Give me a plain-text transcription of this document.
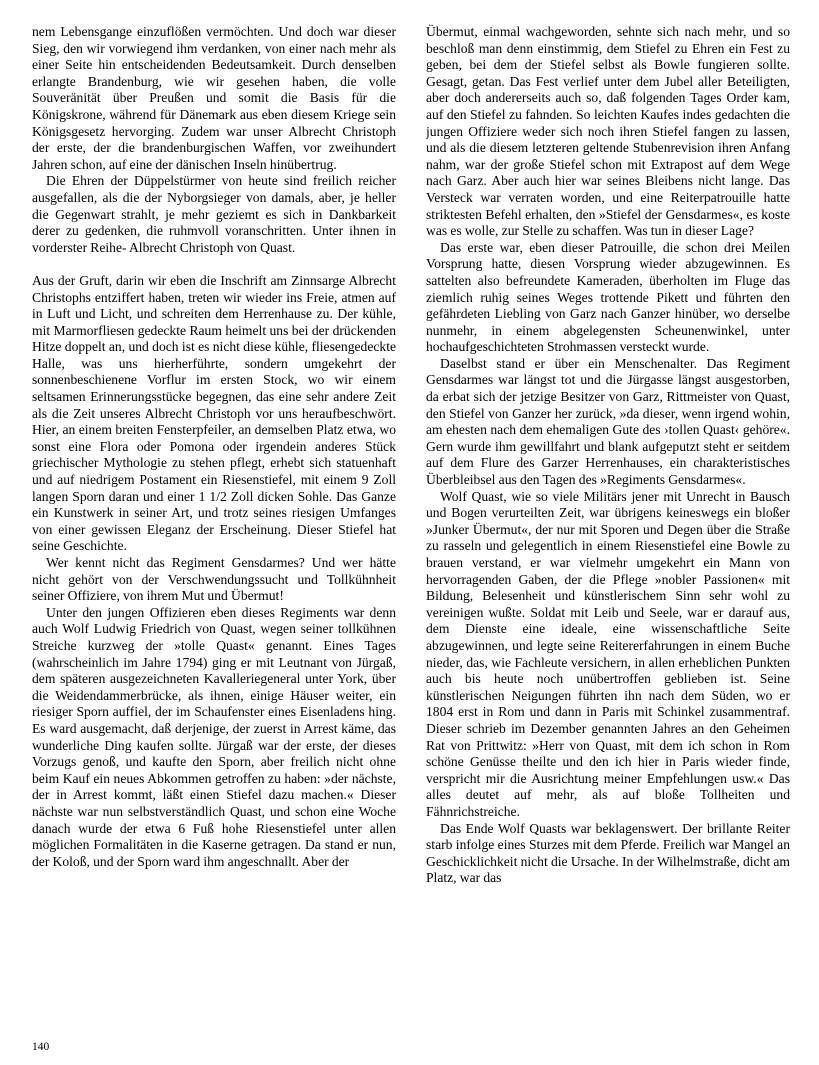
nem Lebensgange einzuflößen vermöchten. Und doch war dieser Sieg, den wir vorwiegend ihm verdanken, von einer nach mehr als einer Seite hin entscheidenden Bedeutsamkeit. Durch denselben erlangte Brandenburg, wie wir gesehen haben, die volle Souveränität über Preußen und somit die Basis für die Königskrone, während für Dänemark aus eben diesem Kriege sein Königsgesetz hervorging. Zudem war unser Albrecht Christoph der erste, der die brandenburgischen Waffen, vor zweihundert Jahren schon, auf eine der dänischen Inseln hinübertrug.

Die Ehren der Düppelstürmer von heute sind freilich reicher ausgefallen, als die der Nyborgsieger von damals, aber, je heller die Gegenwart strahlt, je mehr geziemt es sich in Dankbarkeit derer zu gedenken, die ruhmvoll voranschritten. Unter ihnen in vorderster Reihe- Albrecht Christoph von Quast.

Aus der Gruft, darin wir eben die Inschrift am Zinnsarge Albrecht Christophs entziffert haben, treten wir wieder ins Freie, atmen auf in Luft und Licht, und schreiten dem Herrenhause zu. Der kühle, mit Marmorfliesen gedeckte Raum heimelt uns bei der drückenden Hitze doppelt an, und doch ist es nicht diese kühle, fliesengedeckte Halle, was uns hierherführte, sondern umgekehrt der sonnenbeschienene Vorflur im ersten Stock, wo wir einem seltsamen Erinnerungsstücke begegnen, das eine sehr andere Zeit als die Zeit unseres Albrecht Christoph vor uns heraufbeschwört. Hier, an einem breiten Fensterpfeiler, an demselben Platz etwa, wo sonst eine Flora oder Pomona oder irgendein anderes Stück griechischer Mythologie zu stehen pflegt, erhebt sich statuenhaft und auf niedrigem Postament ein Riesenstiefel, mit einem 9 Zoll langen Sporn daran und einer 1 1/2 Zoll dicken Sohle. Das Ganze ein Kunstwerk in seiner Art, und trotz seines riesigen Umfanges von einer gewissen Eleganz der Erscheinung. Dieser Stiefel hat seine Geschichte.

Wer kennt nicht das Regiment Gensdarmes? Und wer hätte nicht gehört von der Verschwendungssucht und Tollkühnheit seiner Offiziere, von ihrem Mut und Übermut!

Unter den jungen Offizieren eben dieses Regiments war denn auch Wolf Ludwig Friedrich von Quast, wegen seiner tollkühnen Streiche kurzweg der »tolle Quast« genannt. Eines Tages (wahrscheinlich im Jahre 1794) ging er mit Leutnant von Jürgaß, dem späteren ausgezeichneten Kavalleriegeneral unter York, über die Weidendammerbrücke, als ihnen, einige Häuser weiter, ein riesiger Sporn auffiel, der im Schaufenster eines Eisenladens hing. Es ward ausgemacht, daß derjenige, der zuerst in Arrest käme, das wunderliche Ding kaufen sollte. Jürgaß war der erste, der dieses Vorzugs genoß, und kaufte den Sporn, aber freilich nicht ohne beim Kauf ein neues Abkommen getroffen zu haben: »der nächste, der in Arrest kommt, läßt einen Stiefel dazu machen.« Dieser nächste war nun selbstverständlich Quast, und schon eine Woche danach wurde der etwa 6 Fuß hohe Riesenstiefel unter allen möglichen Formalitäten in die Kaserne getragen. Da stand er nun, der Koloß, und der Sporn ward ihm angeschnallt. Aber der

Übermut, einmal wachgeworden, sehnte sich nach mehr, und so beschloß man denn einstimmig, dem Stiefel zu Ehren ein Fest zu geben, bei dem der Stiefel selbst als Bowle fungieren sollte. Gesagt, getan. Das Fest verlief unter dem Jubel aller Beteiligten, aber doch andererseits auch so, daß folgenden Tages Order kam, auf den Stiefel zu fahnden. So leichten Kaufes indes gedachten die jungen Offiziere weder sich noch ihren Stiefel fangen zu lassen, und als die diesem letzteren geltende Stubenrevision ihren Anfang nahm, war der große Stiefel schon mit Extrapost auf dem Wege nach Garz. Aber auch hier war seines Bleibens nicht lange. Das Versteck war verraten worden, und eine Reiterpatrouille hatte striktesten Befehl erhalten, den »Stiefel der Gensdarmes«, es koste was es wolle, zur Stelle zu schaffen. Was tun in dieser Lage?

Das erste war, eben dieser Patrouille, die schon drei Meilen Vorsprung hatte, diesen Vorsprung wieder abzugewinnen. Es sattelten also befreundete Kameraden, überholten im Fluge das ziemlich ruhig seines Weges trottende Pikett und führten den gefährdeten Liebling von Garz nach Ganzer hinüber, wo derselbe nunmehr, in einem abgelegensten Scheunenwinkel, unter hochaufgeschichteten Strohmassen versteckt wurde.

Daselbst stand er über ein Menschenalter. Das Regiment Gensdarmes war längst tot und die Jürgasse längst ausgestorben, da erbat sich der jetzige Besitzer von Garz, Rittmeister von Quast, den Stiefel von Ganzer her zurück, »da dieser, wenn irgend wohin, am ehesten nach dem ehemaligen Gute des ›tollen Quast‹ gehöre«. Gern wurde ihm gewillfahrt und blank aufgeputzt steht er seitdem auf dem Flure des Garzer Herrenhauses, ein charakteristisches Überbleibsel aus den Tagen des »Regiments Gensdarmes«.

Wolf Quast, wie so viele Militärs jener mit Unrecht in Bausch und Bogen verurteilten Zeit, war übrigens keineswegs ein bloßer »Junker Übermut«, der nur mit Sporen und Degen über die Straße zu rasseln und gelegentlich in einem Riesenstiefel eine Bowle zu brauen verstand, er war vielmehr umgekehrt ein Mann von hervorragenden Gaben, der die Pflege »nobler Passionen« mit Bildung, Belesenheit und künstlerischem Sinn sehr wohl zu vereinigen wußte. Soldat mit Leib und Seele, war er darauf aus, dem Dienste eine ideale, eine wissenschaftliche Seite abzugewinnen, und legte seine Reitererfahrungen in einem Buche nieder, das, wie Fachleute versichern, in allen erheblichen Punkten auch bis heute noch unübertroffen geblieben ist. Seine künstlerischen Neigungen führten ihn nach dem Süden, wo er 1804 erst in Rom und dann in Paris mit Schinkel zusammentraf. Dieser schrieb im Dezember genannten Jahres an den Geheimen Rat von Prittwitz: »Herr von Quast, mit dem ich schon in Rom schöne Genüsse theilte und den ich hier in Paris wieder finde, verspricht mir die Ausrichtung meiner Empfehlungen usw.« Das alles deutet auf mehr, als auf bloße Tollheiten und Fähnrichstreiche.

Das Ende Wolf Quasts war beklagenswert. Der brillante Reiter starb infolge eines Sturzes mit dem Pferde. Freilich war Mangel an Geschicklichkeit nicht die Ursache. In der Wilhelmstraße, dicht am Platz, war das

140
